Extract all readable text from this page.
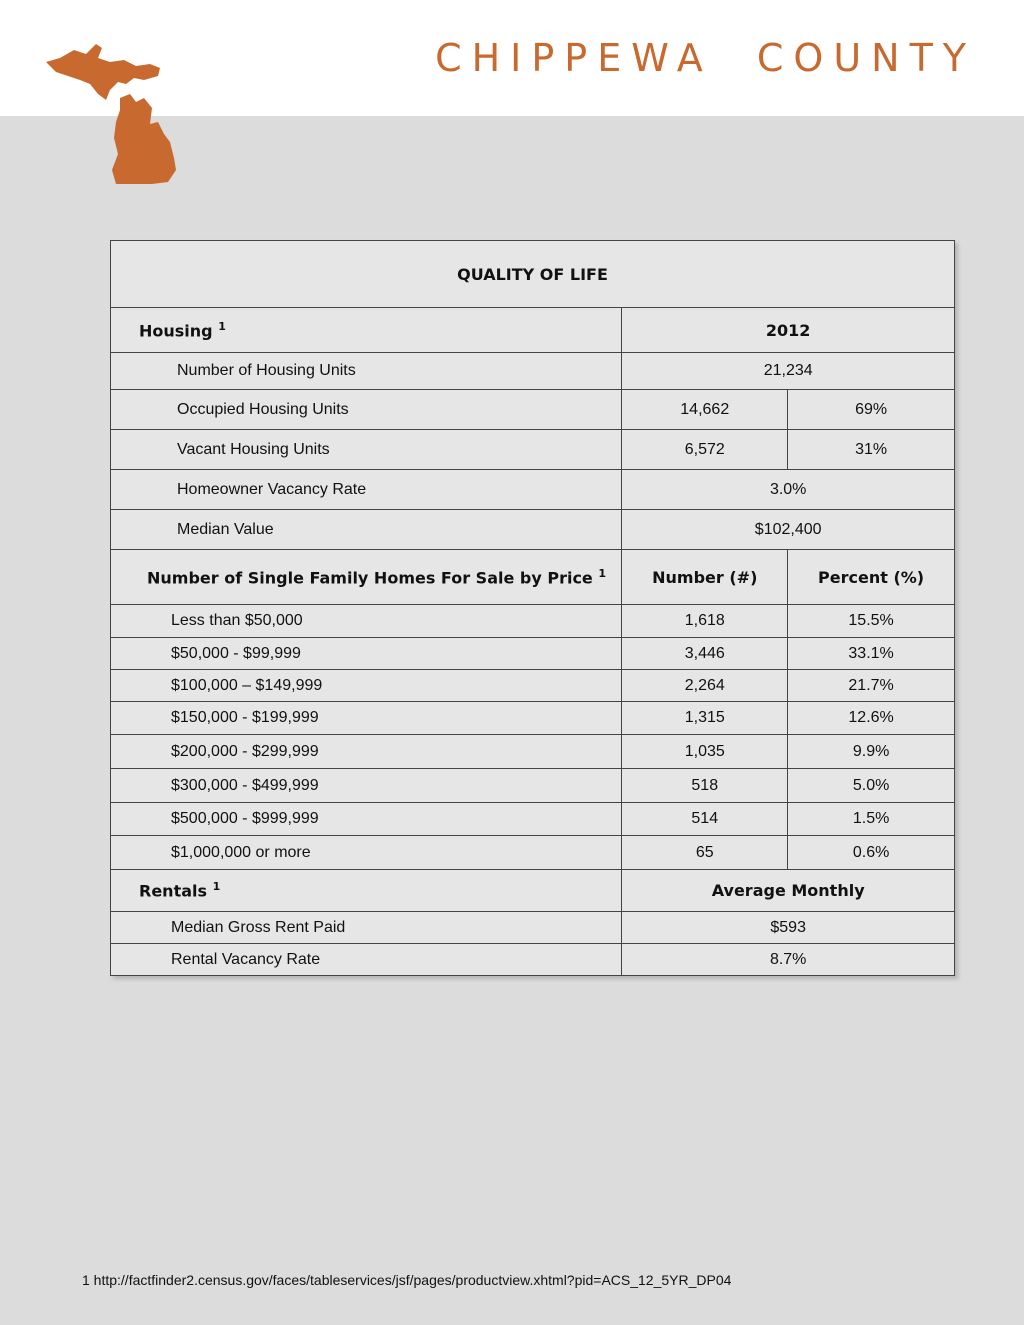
CHIPPEWA  COUNTY
QUALITY OF LIFE		
Housing $^1$	2012	
Number of Housing Units	21,234	
Occupied Housing Units	14,662	69%
Vacant Housing Units	6,572	31%
Homeowner Vacancy Rate	3.0%	
Median Value	$102,400	
Number of Single Family Homes For Sale by Price $^1$	Number (#)	Percent (%)
Less than $50,000	1,618	15.5%
$50,000 - $99,999	3,446	33.1%
$100,000 – $149,999	2,264	21.7%
$150,000 - $199,999	1,315	12.6%
$200,000 - $299,999	1,035	9.9%
$300,000 - $499,999	518	5.0%
$500,000 - $999,999	514	1.5%
$1,000,000 or more	65	0.6%
Rentals $^1$	Average Monthly	
Median Gross Rent Paid	$593	
Rental Vacancy Rate	8.7%	
1 http://factfinder2.census.gov/faces/tableservices/jsf/pages/productview.xhtml?pid=ACS_12_5YR_DP04
